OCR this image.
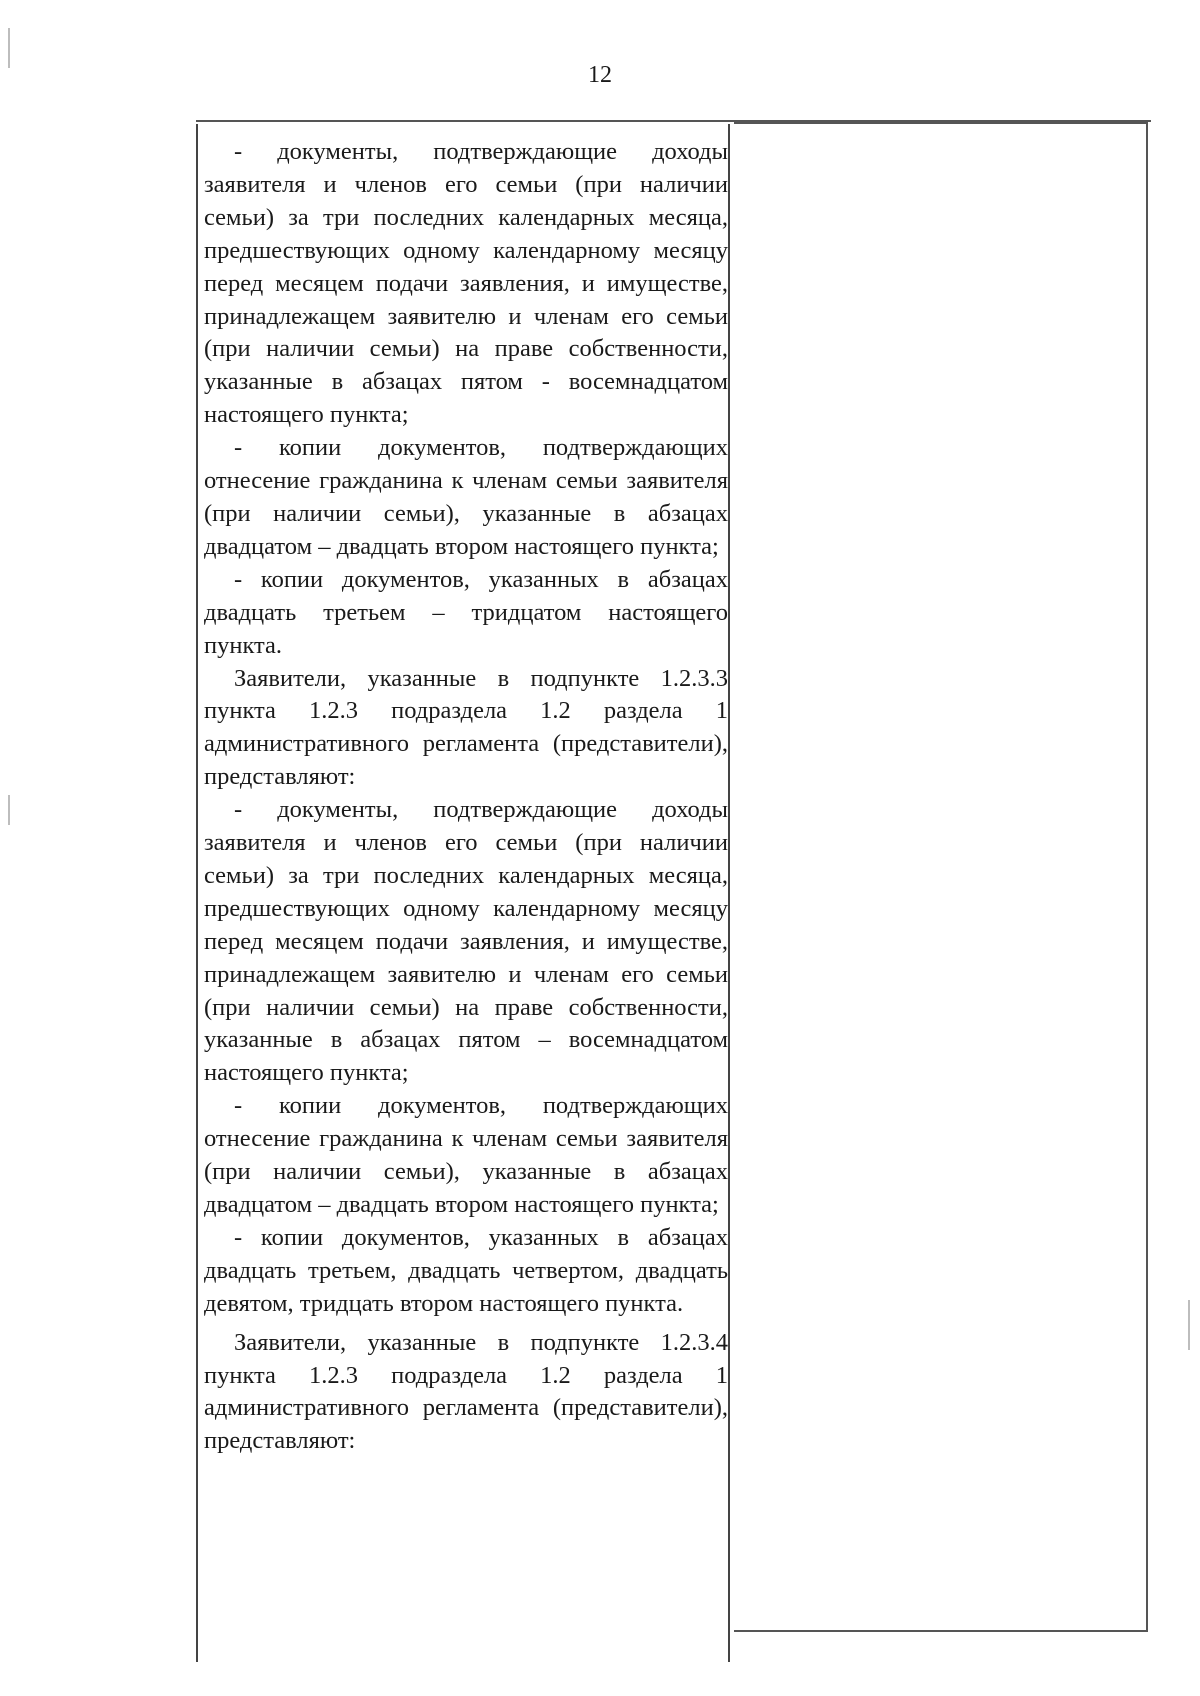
12

- документы, подтверждающие доходы заявителя и членов его семьи (при наличии семьи) за три последних календарных месяца, предшествующих одному календарному месяцу перед месяцем подачи заявления, и имуществе, принадлежащем заявителю и членам его семьи (при наличии семьи) на праве собственности, указанные в абзацах пятом - восемнадцатом настоящего пункта;

- копии документов, подтверждающих отнесение гражданина к членам семьи заявителя (при наличии семьи), указанные в абзацах двадцатом – двадцать втором настоящего пункта;

- копии документов, указанных в абзацах двадцать третьем – тридцатом настоящего пункта.

Заявители, указанные в подпункте 1.2.3.3 пункта 1.2.3 подраздела 1.2 раздела 1 административного регламента (представители), представляют:

- документы, подтверждающие доходы заявителя и членов его семьи (при наличии семьи) за три последних календарных месяца, предшествующих одному календарному месяцу перед месяцем подачи заявления, и имуществе, принадлежащем заявителю и членам его семьи (при наличии семьи) на праве собственности, указанные в абзацах пятом – восемнадцатом настоящего пункта;

- копии документов, подтверждающих отнесение гражданина к членам семьи заявителя (при наличии семьи), указанные в абзацах двадцатом – двадцать втором настоящего пункта;

- копии документов, указанных в абзацах двадцать третьем, двадцать четвертом, двадцать девятом, тридцать втором настоящего пункта.

Заявители, указанные в подпункте 1.2.3.4 пункта 1.2.3 подраздела 1.2 раздела 1 административного регламента (представители), представляют:
